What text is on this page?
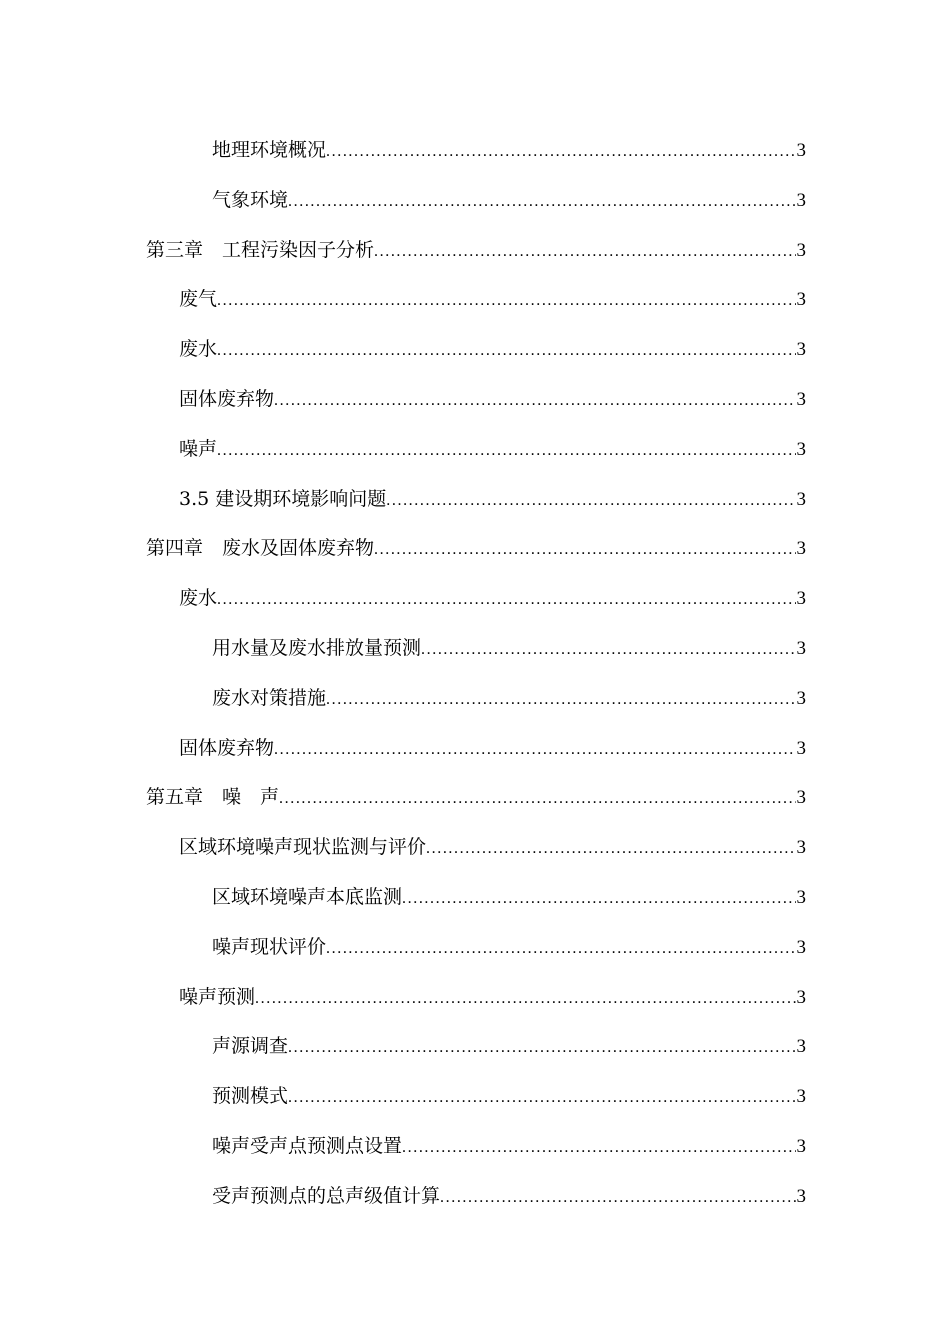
地理环境概况 .....	3
气象环境 .....	3
第三章　工程污染因子分析 .....	3
废气 .....	3
废水 .....	3
固体废弃物 .....	3
噪声 .....	3
3.5 建设期环境影响问题 .....	3
第四章　废水及固体废弃物 .....	3
废水 .....	3
用水量及废水排放量预测 .....	3
废水对策措施 .....	3
固体废弃物 .....	3
第五章　噪　声 .....	3
区域环境噪声现状监测与评价 .....	3
区域环境噪声本底监测 .....	3
噪声现状评价 .....	3
噪声预测 .....	3
声源调查 .....	3
预测模式 .....	3
噪声受声点预测点设置 .....	3
受声预测点的总声级值计算 .....	3
